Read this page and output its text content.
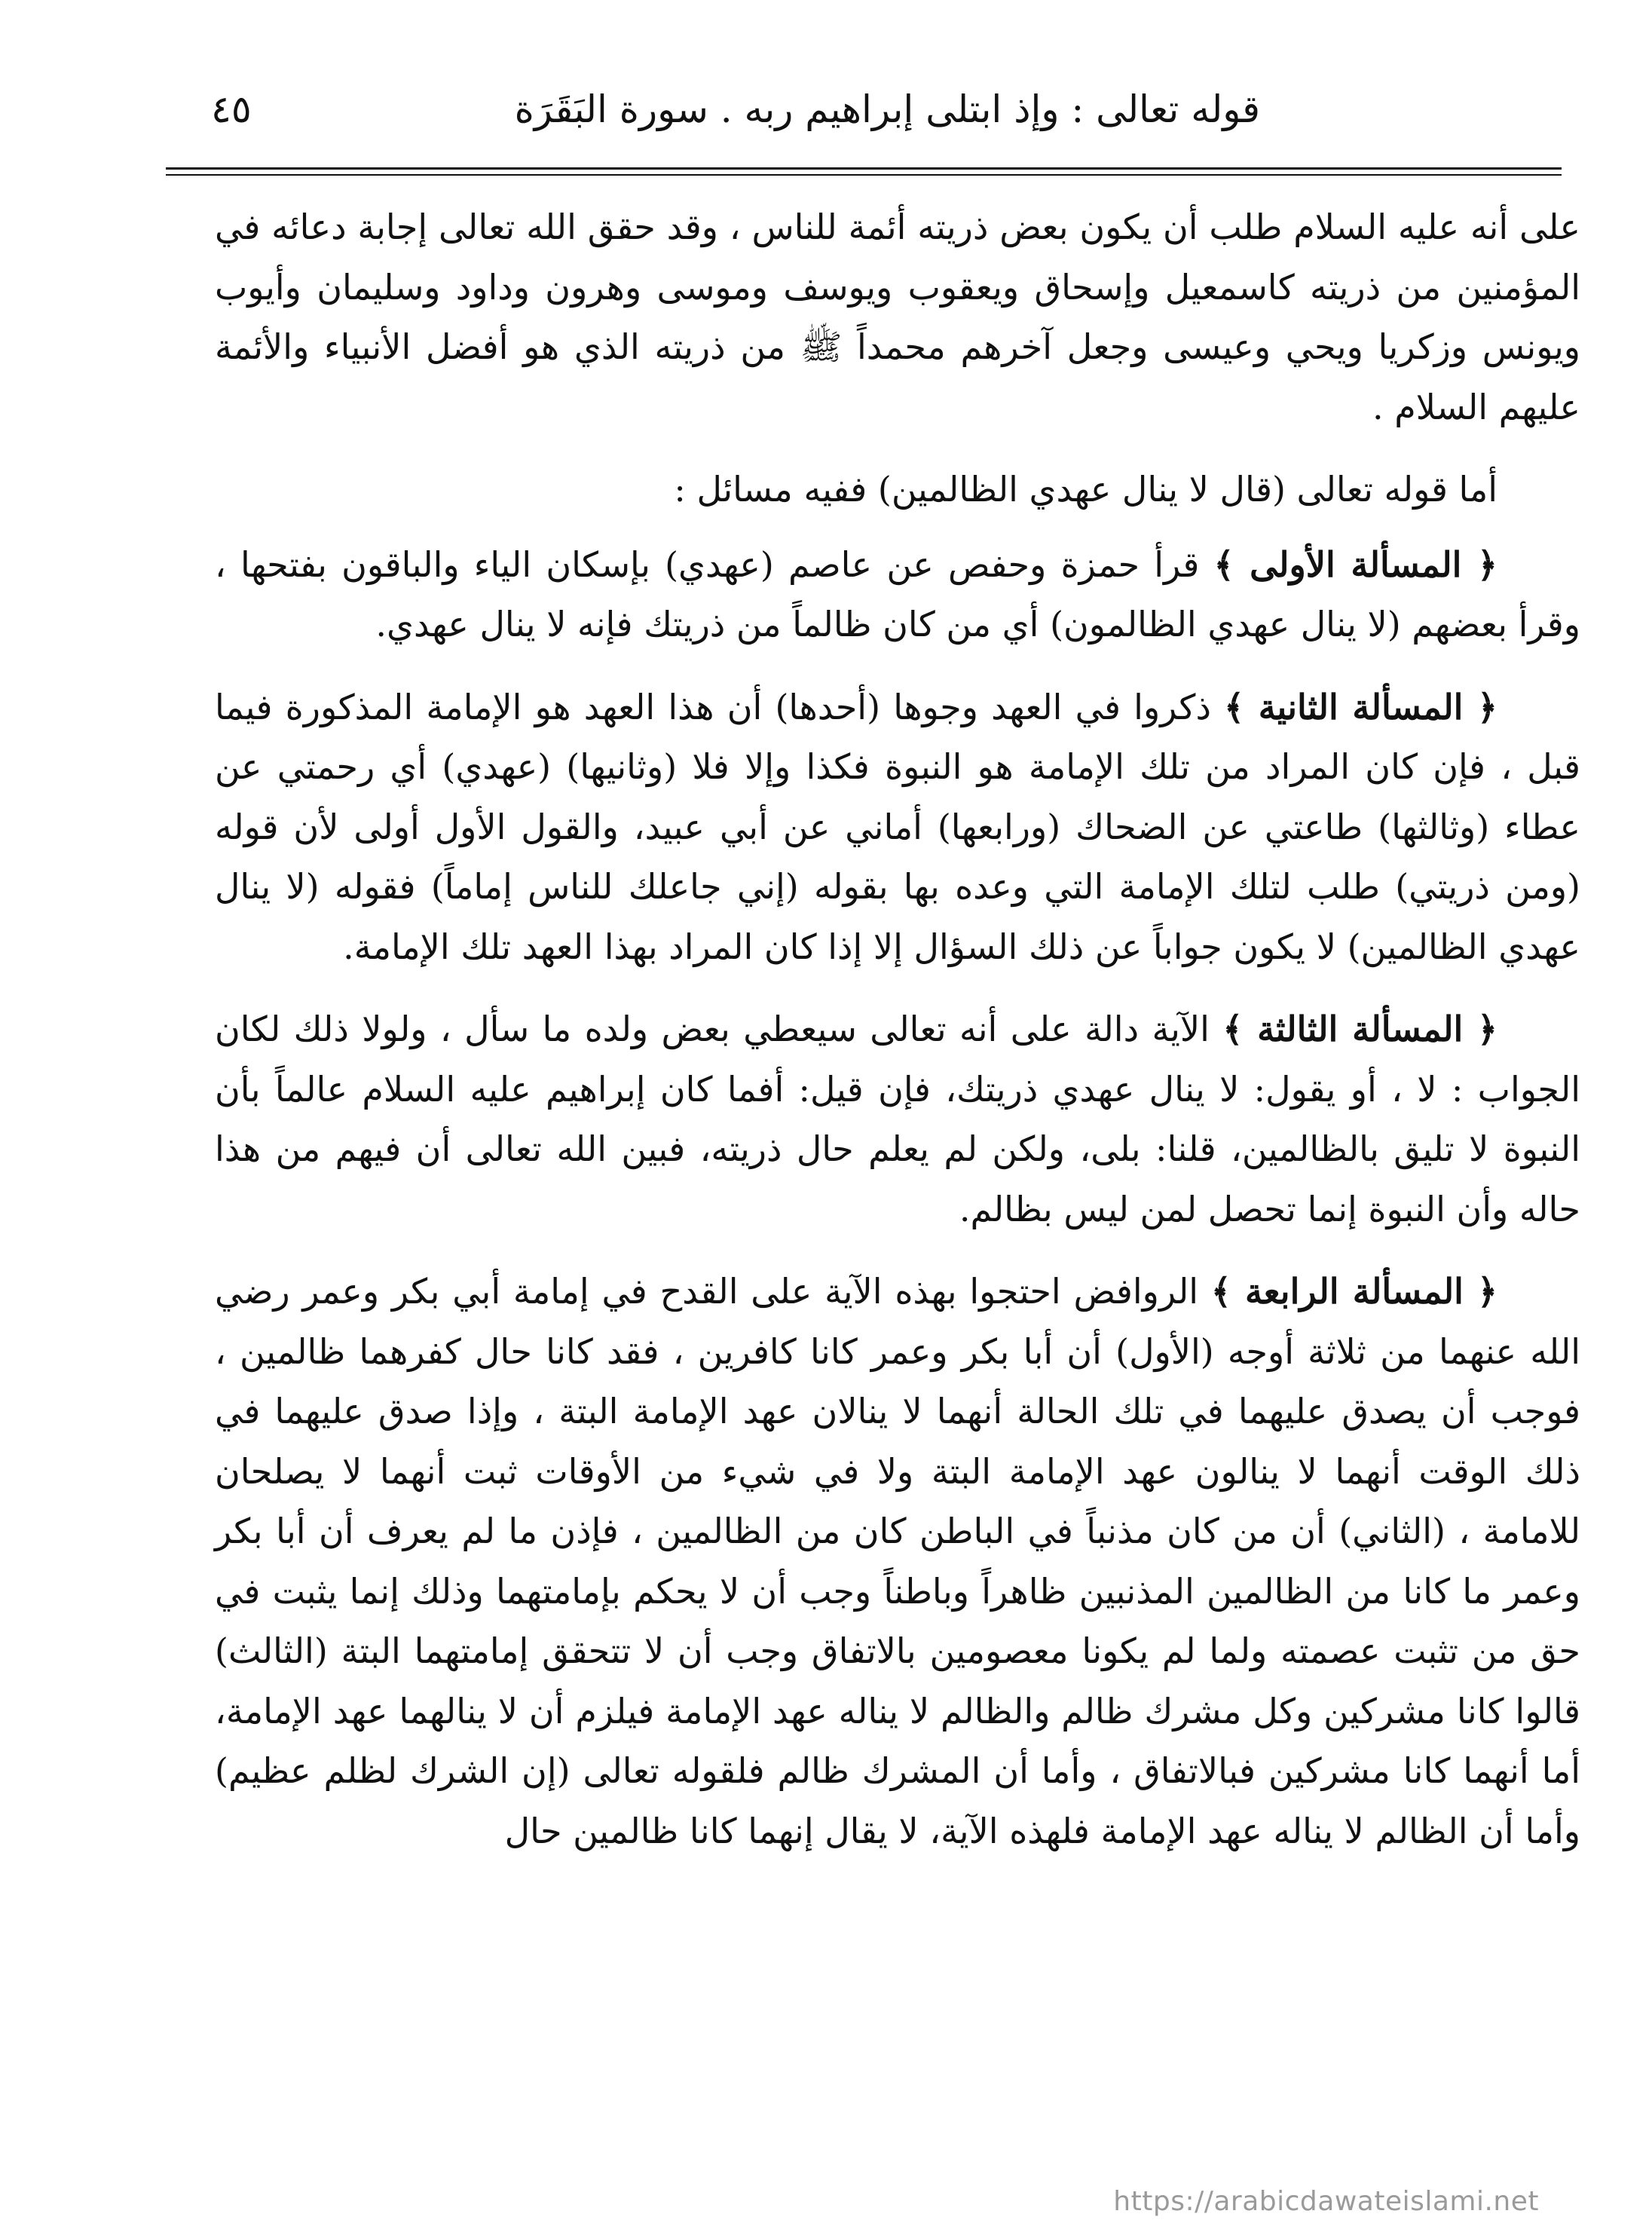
قوله تعالى : وإذ ابتلى إبراهيم ربه . سورة البَقَرَة
٤٥

على أنه عليه السلام طلب أن يكون بعض ذريته أئمة للناس ، وقد حقق الله تعالى إجابة دعائه في المؤمنين من ذريته كاسمعيل وإسحاق ويعقوب ويوسف وموسى وهرون وداود وسليمان وأيوب ويونس وزكريا ويحي وعيسى وجعل آخرهم محمداً ﷺ من ذريته الذي هو أفضل الأنبياء والأئمة عليهم السلام .

أما قوله تعالى (قال لا ينال عهدي الظالمين) ففيه مسائل :

﴿ المسألة الأولى ﴾ قرأ حمزة وحفص عن عاصم (عهدي) بإسكان الياء والباقون بفتحها ، وقرأ بعضهم (لا ينال عهدي الظالمون) أي من كان ظالماً من ذريتك فإنه لا ينال عهدي.

﴿ المسألة الثانية ﴾ ذكروا في العهد وجوها (أحدها) أن هذا العهد هو الإمامة المذكورة فيما قبل ، فإن كان المراد من تلك الإمامة هو النبوة فكذا وإلا فلا (وثانيها) (عهدي) أي رحمتي عن عطاء (وثالثها) طاعتي عن الضحاك (ورابعها) أماني عن أبي عبيد، والقول الأول أولى لأن قوله (ومن ذريتي) طلب لتلك الإمامة التي وعده بها بقوله (إني جاعلك للناس إماماً) فقوله (لا ينال عهدي الظالمين) لا يكون جواباً عن ذلك السؤال إلا إذا كان المراد بهذا العهد تلك الإمامة.

﴿ المسألة الثالثة ﴾ الآية دالة على أنه تعالى سيعطي بعض ولده ما سأل ، ولولا ذلك لكان الجواب : لا ، أو يقول: لا ينال عهدي ذريتك، فإن قيل: أفما كان إبراهيم عليه السلام عالماً بأن النبوة لا تليق بالظالمين، قلنا: بلى، ولكن لم يعلم حال ذريته، فبين الله تعالى أن فيهم من هذا حاله وأن النبوة إنما تحصل لمن ليس بظالم.

﴿ المسألة الرابعة ﴾ الروافض احتجوا بهذه الآية على القدح في إمامة أبي بكر وعمر رضي الله عنهما من ثلاثة أوجه (الأول) أن أبا بكر وعمر كانا كافرين ، فقد كانا حال كفرهما ظالمين ، فوجب أن يصدق عليهما في تلك الحالة أنهما لا ينالان عهد الإمامة البتة ، وإذا صدق عليهما في ذلك الوقت أنهما لا ينالون عهد الإمامة البتة ولا في شيء من الأوقات ثبت أنهما لا يصلحان للامامة ، (الثاني) أن من كان مذنباً في الباطن كان من الظالمين ، فإذن ما لم يعرف أن أبا بكر وعمر ما كانا من الظالمين المذنبين ظاهراً وباطناً وجب أن لا يحكم بإمامتهما وذلك إنما يثبت في حق من تثبت عصمته ولما لم يكونا معصومين بالاتفاق وجب أن لا تتحقق إمامتهما البتة (الثالث) قالوا كانا مشركين وكل مشرك ظالم والظالم لا يناله عهد الإمامة فيلزم أن لا ينالهما عهد الإمامة، أما أنهما كانا مشركين فبالاتفاق ، وأما أن المشرك ظالم فلقوله تعالى (إن الشرك لظلم عظيم) وأما أن الظالم لا يناله عهد الإمامة فلهذه الآية، لا يقال إنهما كانا ظالمين حال

https://arabicdawateislami.net
